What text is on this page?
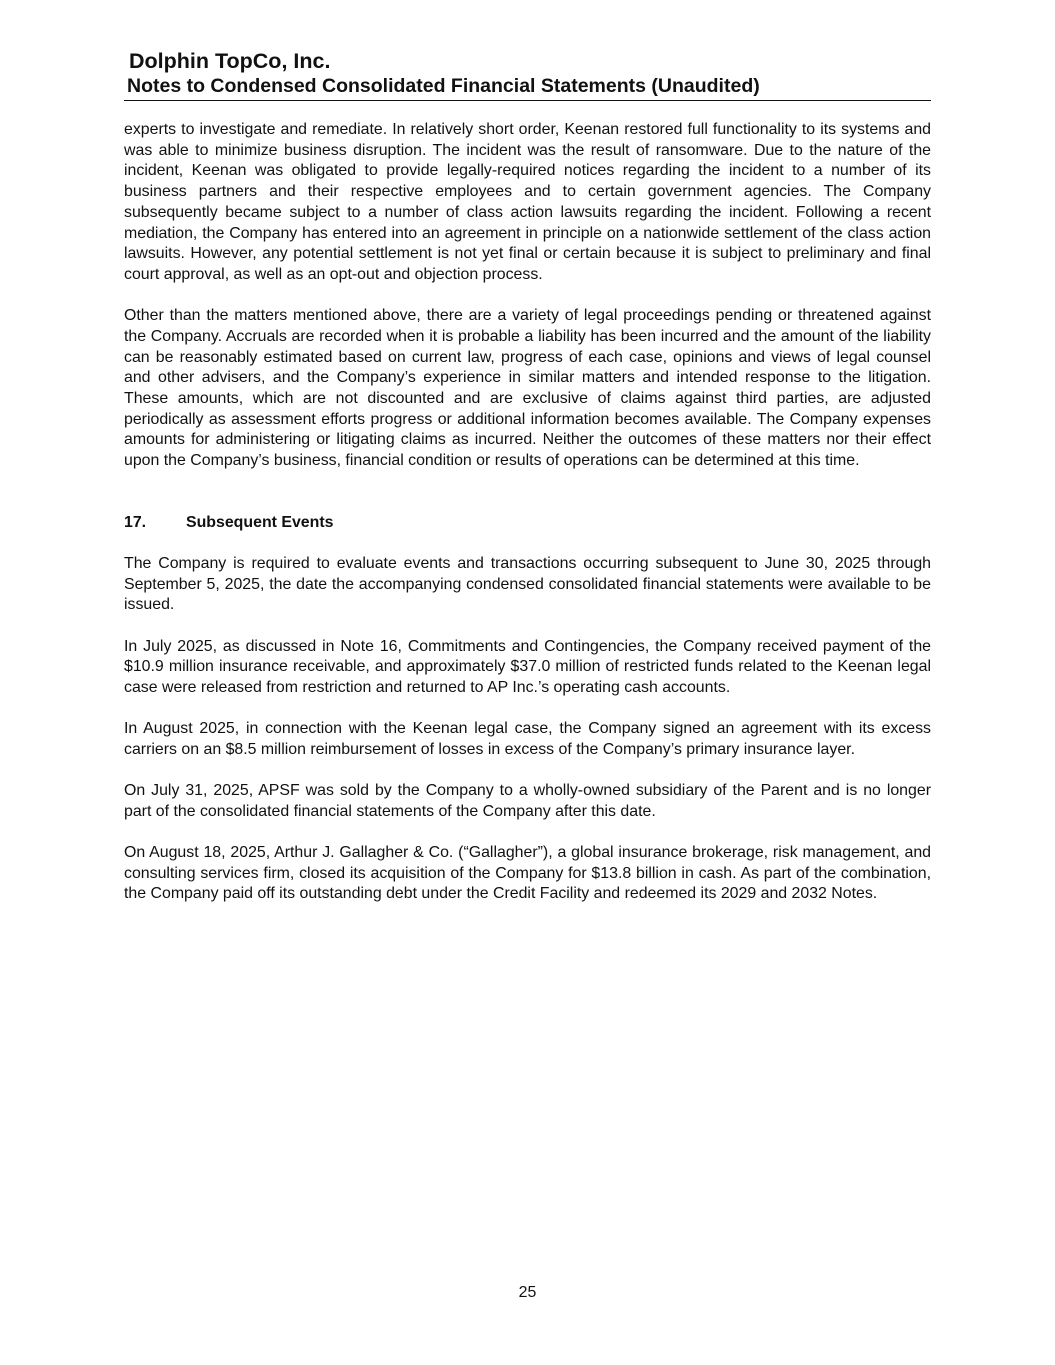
Dolphin TopCo, Inc.
Notes to Condensed Consolidated Financial Statements (Unaudited)

experts to investigate and remediate. In relatively short order, Keenan restored full functionality to its systems and was able to minimize business disruption. The incident was the result of ransomware. Due to the nature of the incident, Keenan was obligated to provide legally-required notices regarding the incident to a number of its business partners and their respective employees and to certain government agencies. The Company subsequently became subject to a number of class action lawsuits regarding the incident. Following a recent mediation, the Company has entered into an agreement in principle on a nationwide settlement of the class action lawsuits. However, any potential settlement is not yet final or certain because it is subject to preliminary and final court approval, as well as an opt-out and objection process.

Other than the matters mentioned above, there are a variety of legal proceedings pending or threatened against the Company. Accruals are recorded when it is probable a liability has been incurred and the amount of the liability can be reasonably estimated based on current law, progress of each case, opinions and views of legal counsel and other advisers, and the Company’s experience in similar matters and intended response to the litigation. These amounts, which are not discounted and are exclusive of claims against third parties, are adjusted periodically as assessment efforts progress or additional information becomes available. The Company expenses amounts for administering or litigating claims as incurred. Neither the outcomes of these matters nor their effect upon the Company’s business, financial condition or results of operations can be determined at this time.

17.	Subsequent Events

The Company is required to evaluate events and transactions occurring subsequent to June 30, 2025 through September 5, 2025, the date the accompanying condensed consolidated financial statements were available to be issued.

In July 2025, as discussed in Note 16, Commitments and Contingencies, the Company received payment of the $10.9 million insurance receivable, and approximately $37.0 million of restricted funds related to the Keenan legal case were released from restriction and returned to AP Inc.’s operating cash accounts.

In August 2025, in connection with the Keenan legal case, the Company signed an agreement with its excess carriers on an $8.5 million reimbursement of losses in excess of the Company’s primary insurance layer.

On July 31, 2025, APSF was sold by the Company to a wholly-owned subsidiary of the Parent and is no longer part of the consolidated financial statements of the Company after this date.

On August 18, 2025, Arthur J. Gallagher & Co. (“Gallagher”), a global insurance brokerage, risk management, and consulting services firm, closed its acquisition of the Company for $13.8 billion in cash. As part of the combination, the Company paid off its outstanding debt under the Credit Facility and redeemed its 2029 and 2032 Notes.

25
